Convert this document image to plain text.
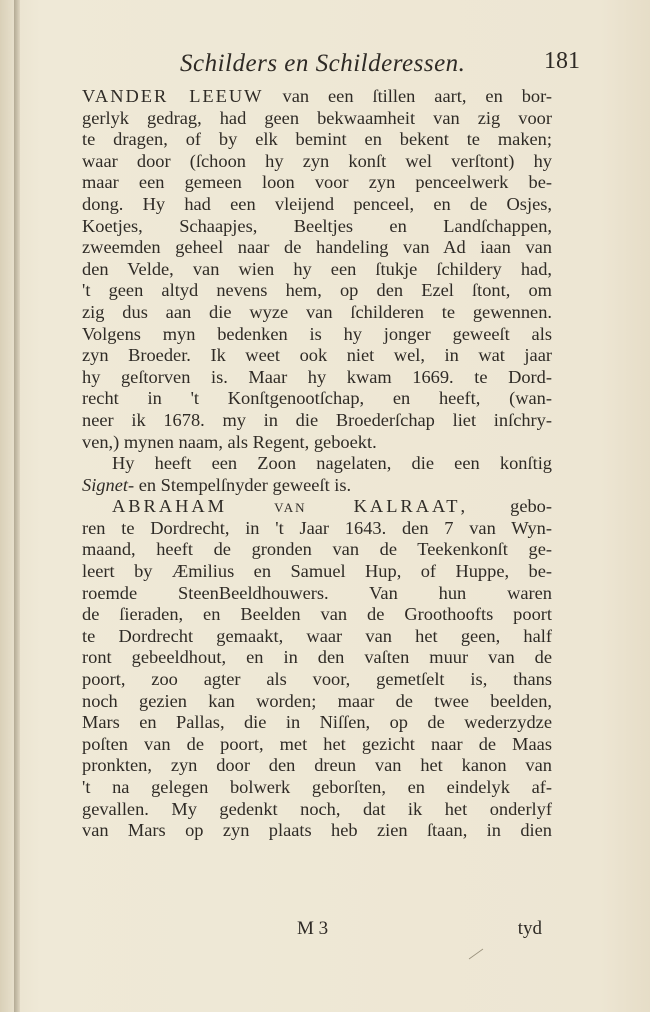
Schilders en Schilderessen.	181
VANDER LEEUW van een ſtillen aart, en bor-
gerlyk gedrag, had geen bekwaamheit van zig voor
te dragen, of by elk bemint en bekent te maken;
waar door (ſchoon hy zyn konſt wel verſtont) hy
maar een gemeen loon voor zyn penceelwerk be-
dong. Hy had een vleijend penceel, en de Osjes,
Koetjes, Schaapjes, Beeltjes en Landſchappen,
zweemden geheel naar de handeling van Ad iaan van
den Velde, van wien hy een ſtukje ſchildery had,
't geen altyd nevens hem, op den Ezel ſtont, om
zig dus aan die wyze van ſchilderen te gewennen.
Volgens myn bedenken is hy jonger geweeſt als
zyn Broeder. Ik weet ook niet wel, in wat jaar
hy geſtorven is. Maar hy kwam 1669. te Dord-
recht in 't Konſtgenootſchap, en heeft, (wan-
neer ik 1678. my in die Broederſchap liet inſchry-
ven,) mynen naam, als Regent, geboekt.
Hy heeft een Zoon nagelaten, die een konſtig
Signet- en Stempelſnyder geweeſt is.
ABRAHAM van KALRAAT, gebo-
ren te Dordrecht, in 't Jaar 1643. den 7 van Wyn-
maand, heeft de gronden van de Teekenkonſt ge-
leert by Æmilius en Samuel Hup, of Huppe, be-
roemde SteenBeeldhouwers. Van hun waren
de ſieraden, en Beelden van de Groothoofts poort
te Dordrecht gemaakt, waar van het geen, half
ront gebeeldhout, en in den vaſten muur van de
poort, zoo agter als voor, gemetſelt is, thans
noch gezien kan worden; maar de twee beelden,
Mars en Pallas, die in Niſſen, op de wederzydze
poſten van de poort, met het gezicht naar de Maas
pronkten, zyn door den dreun van het kanon van
't na gelegen bolwerk geborſten, en eindelyk af-
gevallen. My gedenkt noch, dat ik het onderlyf
van Mars op zyn plaats heb zien ſtaan, in dien
M 3	tyd
